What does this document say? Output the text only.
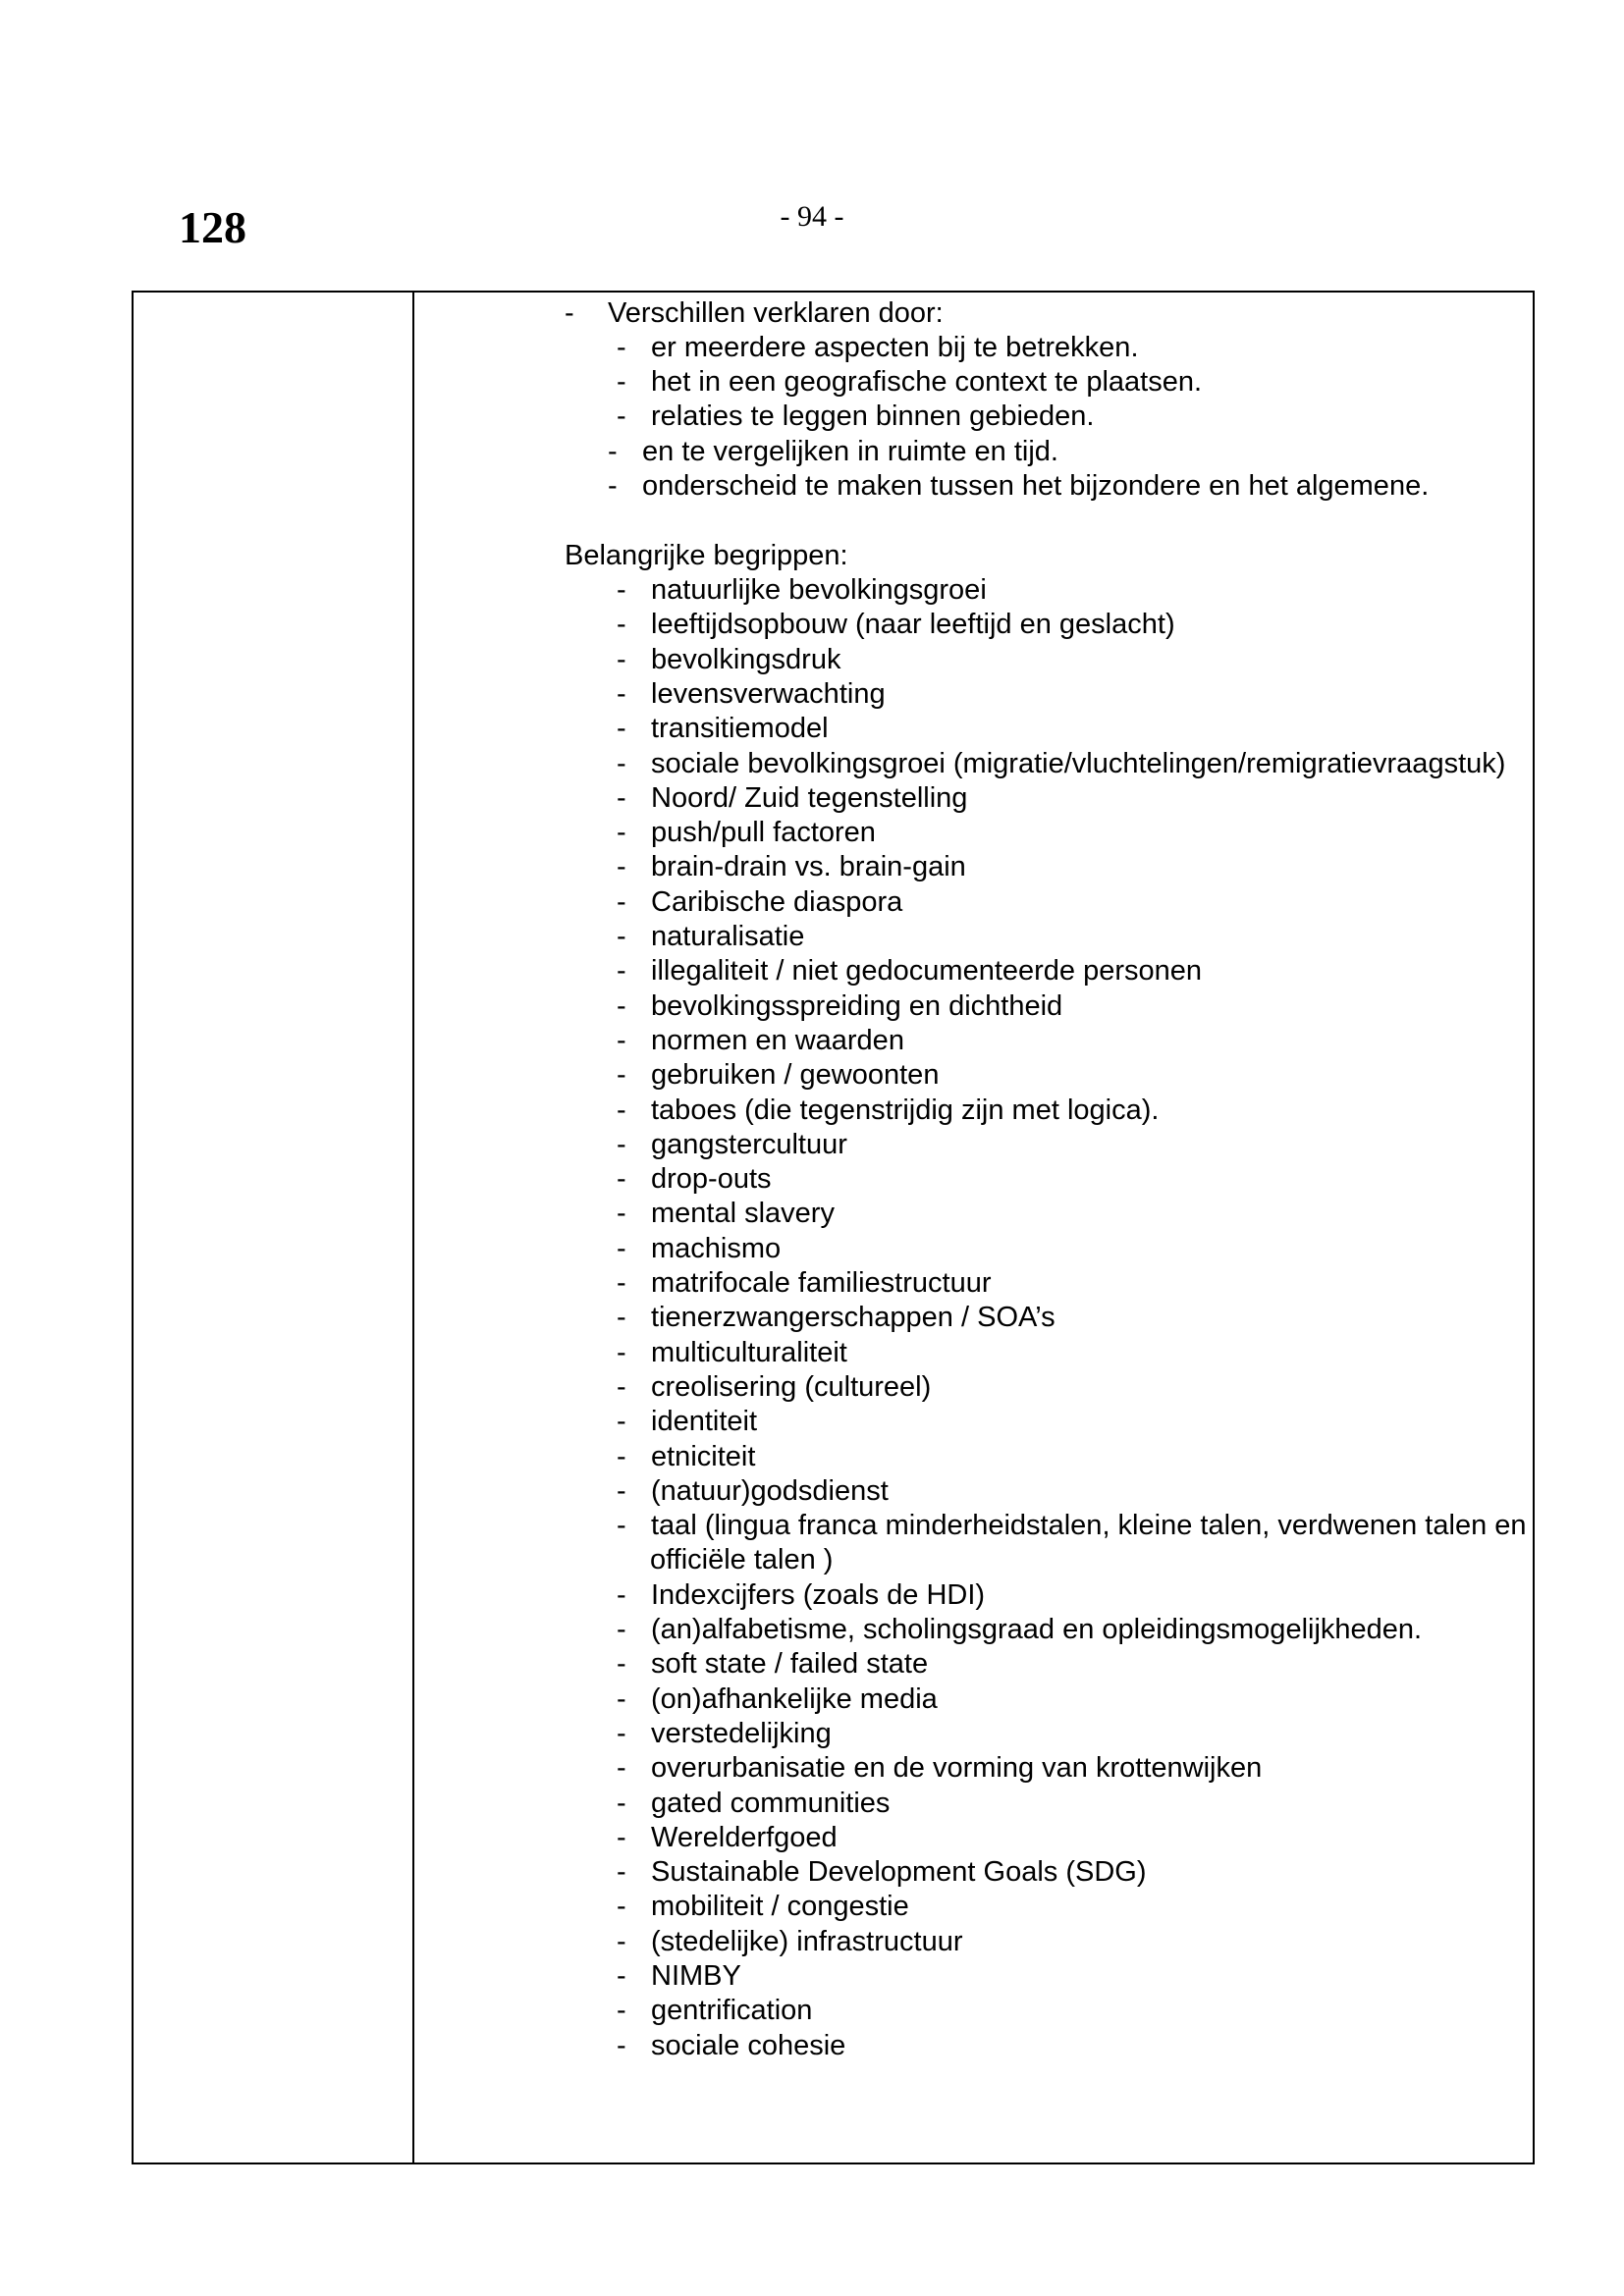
128	- 94 -
- Verschillen verklaren door:
- er meerdere aspecten bij te betrekken.
- het in een geografische context te plaatsen.
- relaties te leggen binnen gebieden.
- en te vergelijken in ruimte en tijd.
- onderscheid te maken tussen het bijzondere en het algemene.
Belangrijke begrippen:
- natuurlijke bevolkingsgroei
- leeftijdsopbouw (naar leeftijd en geslacht)
- bevolkingsdruk
- levensverwachting
- transitiemodel
- sociale bevolkingsgroei (migratie/vluchtelingen/remigratievraagstuk)
- Noord/ Zuid tegenstelling
- push/pull factoren
- brain-drain vs. brain-gain
- Caribische diaspora
- naturalisatie
- illegaliteit / niet gedocumenteerde personen
- bevolkingsspreiding en dichtheid
- normen en waarden
- gebruiken / gewoonten
- taboes (die tegenstrijdig zijn met logica).
- gangstercultuur
- drop-outs
- mental slavery
- machismo
- matrifocale familiestructuur
- tienerzwangerschappen / SOA’s
- multiculturaliteit
- creolisering (cultureel)
- identiteit
- etniciteit
- (natuur)godsdienst
- taal (lingua franca minderheidstalen, kleine talen, verdwenen talen en
officiële talen )
- Indexcijfers (zoals de HDI)
- (an)alfabetisme, scholingsgraad en opleidingsmogelijkheden.
- soft state / failed state
- (on)afhankelijke media
- verstedelijking
- overurbanisatie en de vorming van krottenwijken
- gated communities
- Werelderfgoed
- Sustainable Development Goals (SDG)
- mobiliteit / congestie
- (stedelijke) infrastructuur
- NIMBY
- gentrification
- sociale cohesie
